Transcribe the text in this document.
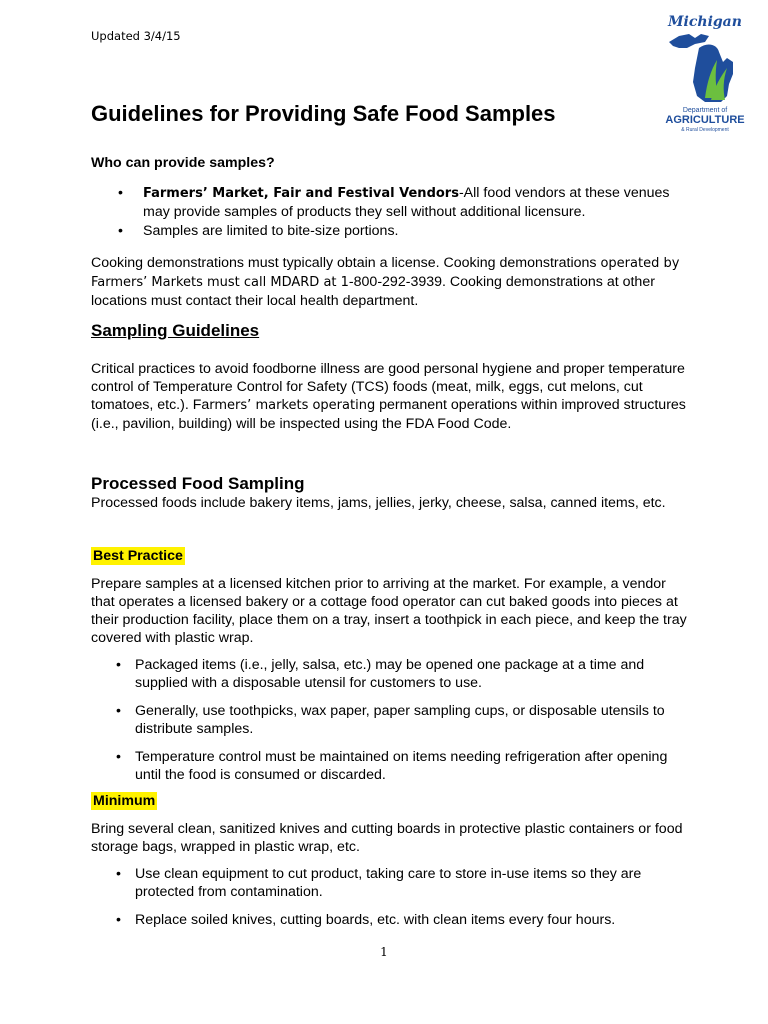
Updated 3/4/15
Michigan
Department of
AGRICULTURE
& Rural Development
Guidelines for Providing Safe Food Samples
Who can provide samples?
• Farmers’ Market, Fair and Festival Vendors-All food vendors at these venues may provide samples of products they sell without additional licensure.
• Samples are limited to bite-size portions.
Cooking demonstrations must typically obtain a license. Cooking demonstrations operated by Farmers’ Markets must call MDARD at 1-800-292-3939. Cooking demonstrations at other locations must contact their local health department.
Sampling Guidelines
Critical practices to avoid foodborne illness are good personal hygiene and proper temperature control of Temperature Control for Safety (TCS) foods (meat, milk, eggs, cut melons, cut tomatoes, etc.). Farmers’ markets operating permanent operations within improved structures (i.e., pavilion, building) will be inspected using the FDA Food Code.
Processed Food Sampling
Processed foods include bakery items, jams, jellies, jerky, cheese, salsa, canned items, etc.
Best Practice
Prepare samples at a licensed kitchen prior to arriving at the market. For example, a vendor that operates a licensed bakery or a cottage food operator can cut baked goods into pieces at their production facility, place them on a tray, insert a toothpick in each piece, and keep the tray covered with plastic wrap.
• Packaged items (i.e., jelly, salsa, etc.) may be opened one package at a time and supplied with a disposable utensil for customers to use.
• Generally, use toothpicks, wax paper, paper sampling cups, or disposable utensils to distribute samples.
• Temperature control must be maintained on items needing refrigeration after opening until the food is consumed or discarded.
Minimum
Bring several clean, sanitized knives and cutting boards in protective plastic containers or food storage bags, wrapped in plastic wrap, etc.
• Use clean equipment to cut product, taking care to store in-use items so they are protected from contamination.
• Replace soiled knives, cutting boards, etc. with clean items every four hours.
1
